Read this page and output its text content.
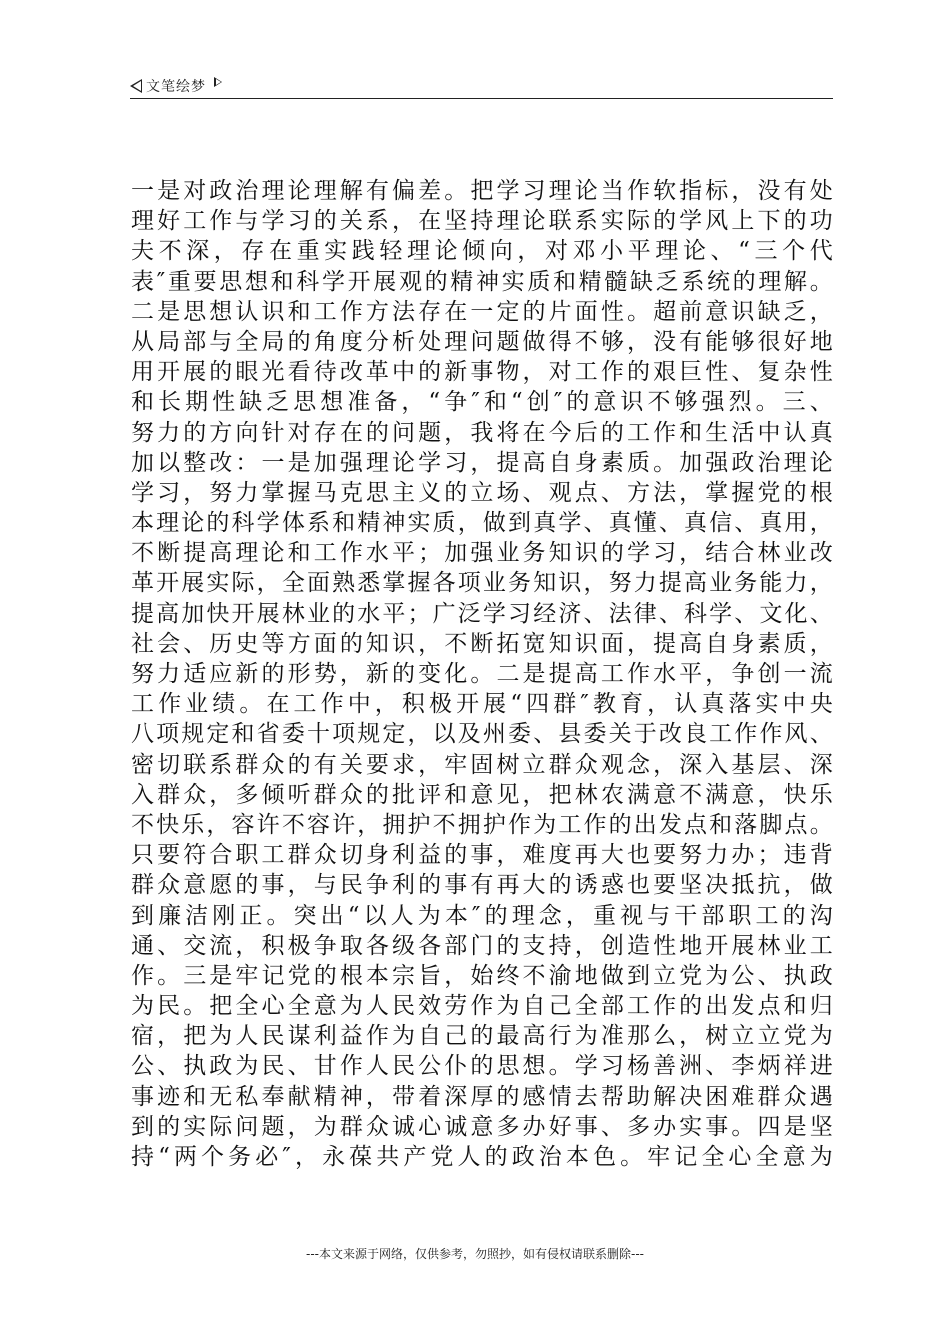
文笔绘梦
一是对政治理论理解有偏差。把学习理论当作软指标，没有处
理好工作与学习的关系，在坚持理论联系实际的学风上下的功
夫不深，存在重实践轻理论倾向，对邓小平理论、“三个代
表″重要思想和科学开展观的精神实质和精髓缺乏系统的理解。
二是思想认识和工作方法存在一定的片面性。超前意识缺乏，
从局部与全局的角度分析处理问题做得不够，没有能够很好地
用开展的眼光看待改革中的新事物，对工作的艰巨性、复杂性
和长期性缺乏思想准备，“争″和“创″的意识不够强烈。三、
努力的方向针对存在的问题，我将在今后的工作和生活中认真
加以整改：一是加强理论学习，提高自身素质。加强政治理论
学习，努力掌握马克思主义的立场、观点、方法，掌握党的根
本理论的科学体系和精神实质，做到真学、真懂、真信、真用，
不断提高理论和工作水平；加强业务知识的学习，结合林业改
革开展实际，全面熟悉掌握各项业务知识，努力提高业务能力，
提高加快开展林业的水平；广泛学习经济、法律、科学、文化、
社会、历史等方面的知识，不断拓宽知识面，提高自身素质，
努力适应新的形势，新的变化。二是提高工作水平，争创一流
工作业绩。在工作中，积极开展“四群″教育，认真落实中央
八项规定和省委十项规定，以及州委、县委关于改良工作作风、
密切联系群众的有关要求，牢固树立群众观念，深入基层、深
入群众，多倾听群众的批评和意见，把林农满意不满意，快乐
不快乐，容许不容许，拥护不拥护作为工作的出发点和落脚点。
只要符合职工群众切身利益的事，难度再大也要努力办；违背
群众意愿的事，与民争利的事有再大的诱惑也要坚决抵抗，做
到廉洁刚正。突出“以人为本″的理念，重视与干部职工的沟
通、交流，积极争取各级各部门的支持，创造性地开展林业工
作。三是牢记党的根本宗旨，始终不渝地做到立党为公、执政
为民。把全心全意为人民效劳作为自己全部工作的出发点和归
宿，把为人民谋利益作为自己的最高行为准那么，树立立党为
公、执政为民、甘作人民公仆的思想。学习杨善洲、李炳祥进
事迹和无私奉献精神，带着深厚的感情去帮助解决困难群众遇
到的实际问题，为群众诚心诚意多办好事、多办实事。四是坚
持“两个务必″，永葆共产党人的政治本色。牢记全心全意为
---本文来源于网络，仅供参考，勿照抄，如有侵权请联系删除---
